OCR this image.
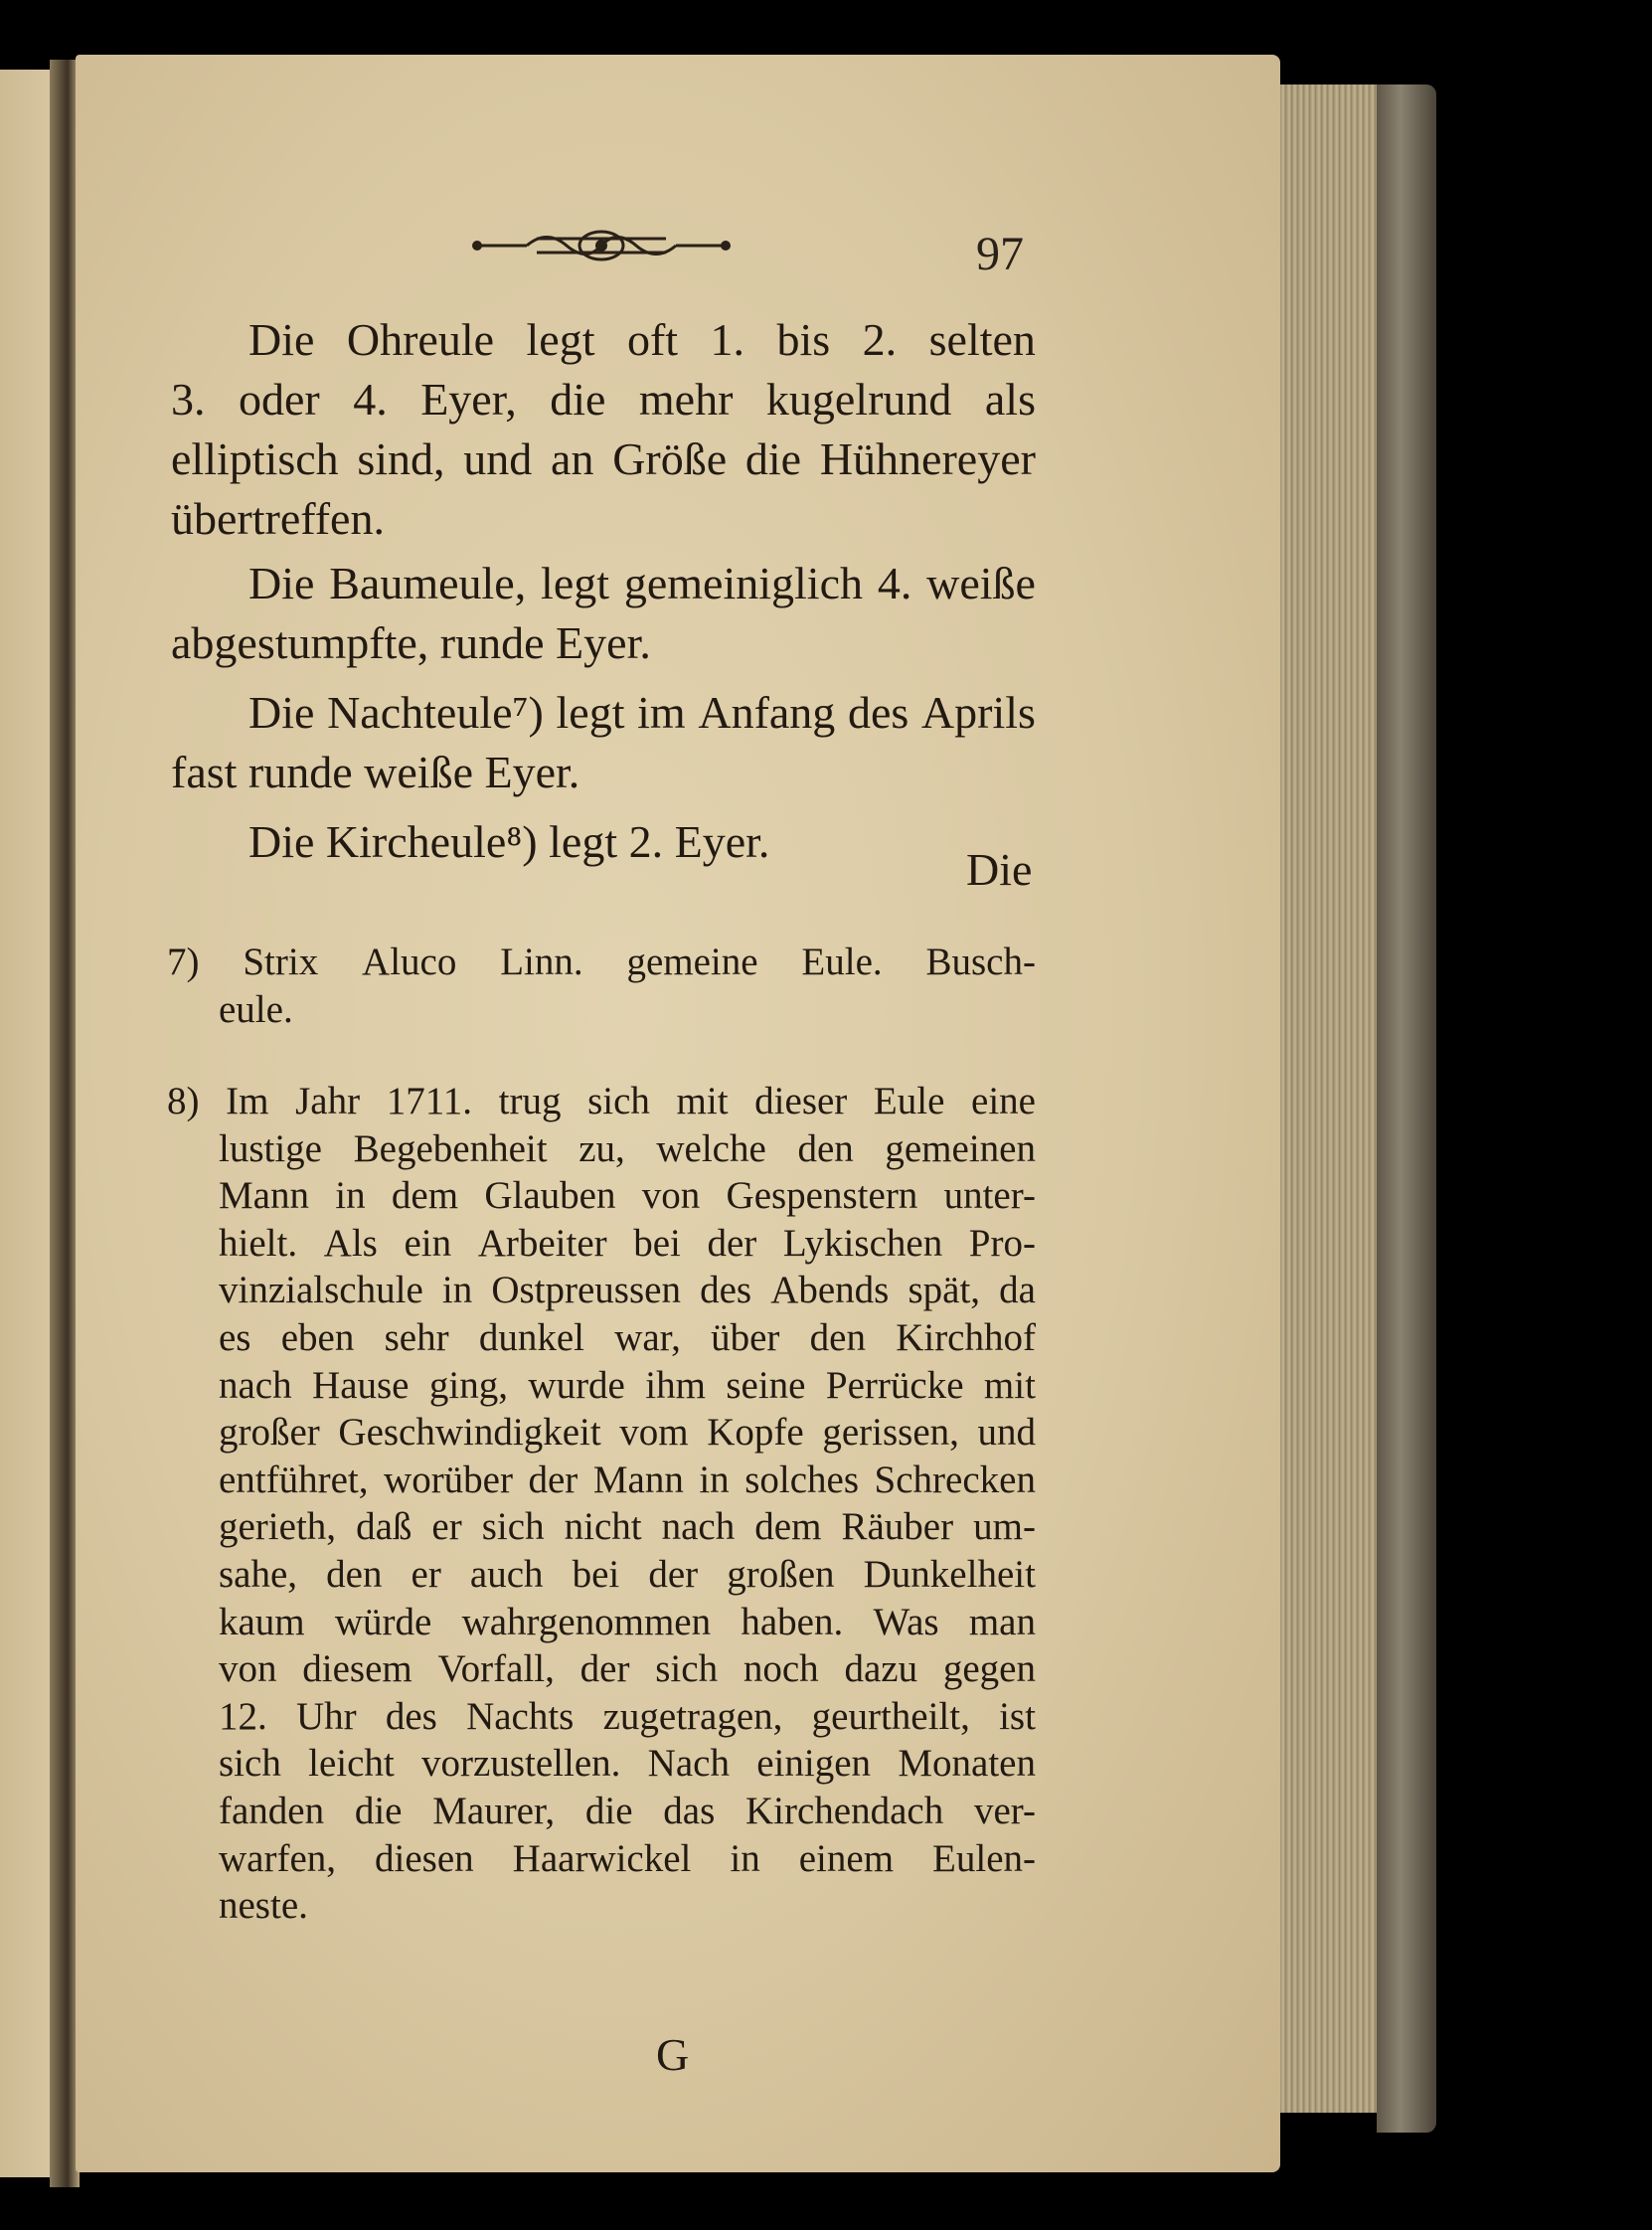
97
Die Ohreule legt oft 1. bis 2. selten
3. oder 4. Eyer, die mehr kugelrund als
elliptisch sind, und an Größe die Hühnereyer
übertreffen.
Die Baumeule, legt gemeiniglich 4. weiße
abgestumpfte, runde Eyer.
Die Nachteule⁷) legt im Anfang des Aprils
fast runde weiße Eyer.
Die Kircheule⁸) legt 2. Eyer.
Die
7) Strix Aluco Linn. gemeine Eule. Busch-
eule.
8) Im Jahr 1711. trug sich mit dieser Eule eine
lustige Begebenheit zu, welche den gemeinen
Mann in dem Glauben von Gespenstern unter-
hielt. Als ein Arbeiter bei der Lykischen Pro-
vinzialschule in Ostpreussen des Abends spät, da
es eben sehr dunkel war, über den Kirchhof
nach Hause ging, wurde ihm seine Perrücke mit
großer Geschwindigkeit vom Kopfe gerissen, und
entführet, worüber der Mann in solches Schrecken
gerieth, daß er sich nicht nach dem Räuber um-
sahe, den er auch bei der großen Dunkelheit
kaum würde wahrgenommen haben. Was man
von diesem Vorfall, der sich noch dazu gegen
12. Uhr des Nachts zugetragen, geurtheilt, ist
sich leicht vorzustellen. Nach einigen Monaten
fanden die Maurer, die das Kirchendach ver-
warfen, diesen Haarwickel in einem Eulen-
neste.
G
